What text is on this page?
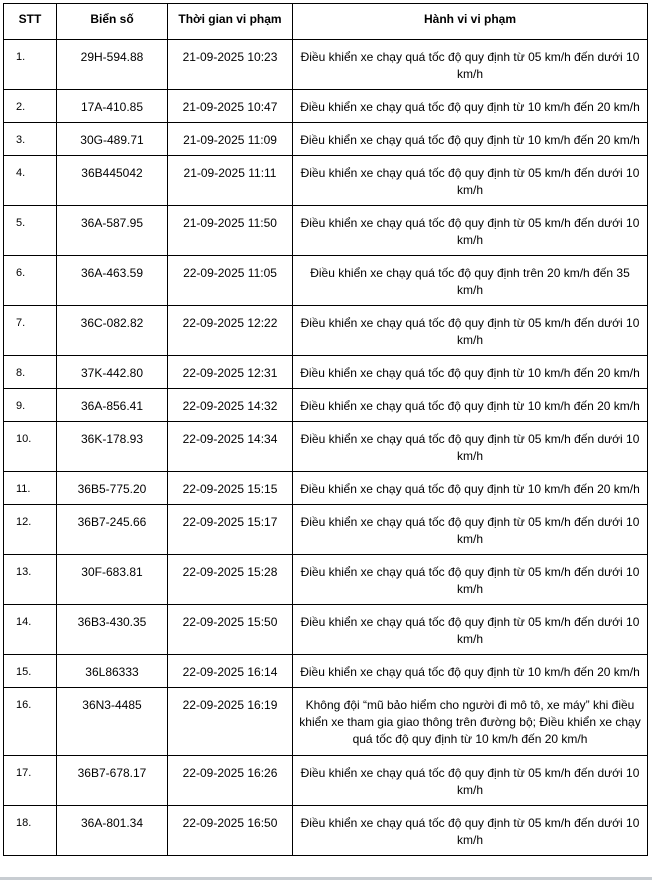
STT	Biển số	Thời gian vi phạm	Hành vi vi phạm
1.	29H-594.88	21-09-2025 10:23	Điều khiển xe chạy quá tốc độ quy định từ 05 km/h đến dưới 10 km/h
2.	17A-410.85	21-09-2025 10:47	Điều khiển xe chạy quá tốc độ quy định từ 10 km/h đến 20 km/h
3.	30G-489.71	21-09-2025 11:09	Điều khiển xe chạy quá tốc độ quy định từ 10 km/h đến 20 km/h
4.	36B445042	21-09-2025 11:11	Điều khiển xe chạy quá tốc độ quy định từ 05 km/h đến dưới 10 km/h
5.	36A-587.95	21-09-2025 11:50	Điều khiển xe chạy quá tốc độ quy định từ 05 km/h đến dưới 10 km/h
6.	36A-463.59	22-09-2025 11:05	Điều khiển xe chạy quá tốc độ quy định trên 20 km/h đến 35 km/h
7.	36C-082.82	22-09-2025 12:22	Điều khiển xe chạy quá tốc độ quy định từ 05 km/h đến dưới 10 km/h
8.	37K-442.80	22-09-2025 12:31	Điều khiển xe chạy quá tốc độ quy định từ 10 km/h đến 20 km/h
9.	36A-856.41	22-09-2025 14:32	Điều khiển xe chạy quá tốc độ quy định từ 10 km/h đến 20 km/h
10.	36K-178.93	22-09-2025 14:34	Điều khiển xe chạy quá tốc độ quy định từ 05 km/h đến dưới 10 km/h
11.	36B5-775.20	22-09-2025 15:15	Điều khiển xe chạy quá tốc độ quy định từ 10 km/h đến 20 km/h
12.	36B7-245.66	22-09-2025 15:17	Điều khiển xe chạy quá tốc độ quy định từ 05 km/h đến dưới 10 km/h
13.	30F-683.81	22-09-2025 15:28	Điều khiển xe chạy quá tốc độ quy định từ 05 km/h đến dưới 10 km/h
14.	36B3-430.35	22-09-2025 15:50	Điều khiển xe chạy quá tốc độ quy định từ 05 km/h đến dưới 10 km/h
15.	36L86333	22-09-2025 16:14	Điều khiển xe chạy quá tốc độ quy định từ 10 km/h đến 20 km/h
16.	36N3-4485	22-09-2025 16:19	Không đội “mũ bảo hiểm cho người đi mô tô, xe máy” khi điều khiển xe tham gia giao thông trên đường bộ; Điều khiển xe chạy quá tốc độ quy định từ 10 km/h đến 20 km/h
17.	36B7-678.17	22-09-2025 16:26	Điều khiển xe chạy quá tốc độ quy định từ 05 km/h đến dưới 10 km/h
18.	36A-801.34	22-09-2025 16:50	Điều khiển xe chạy quá tốc độ quy định từ 05 km/h đến dưới 10 km/h
